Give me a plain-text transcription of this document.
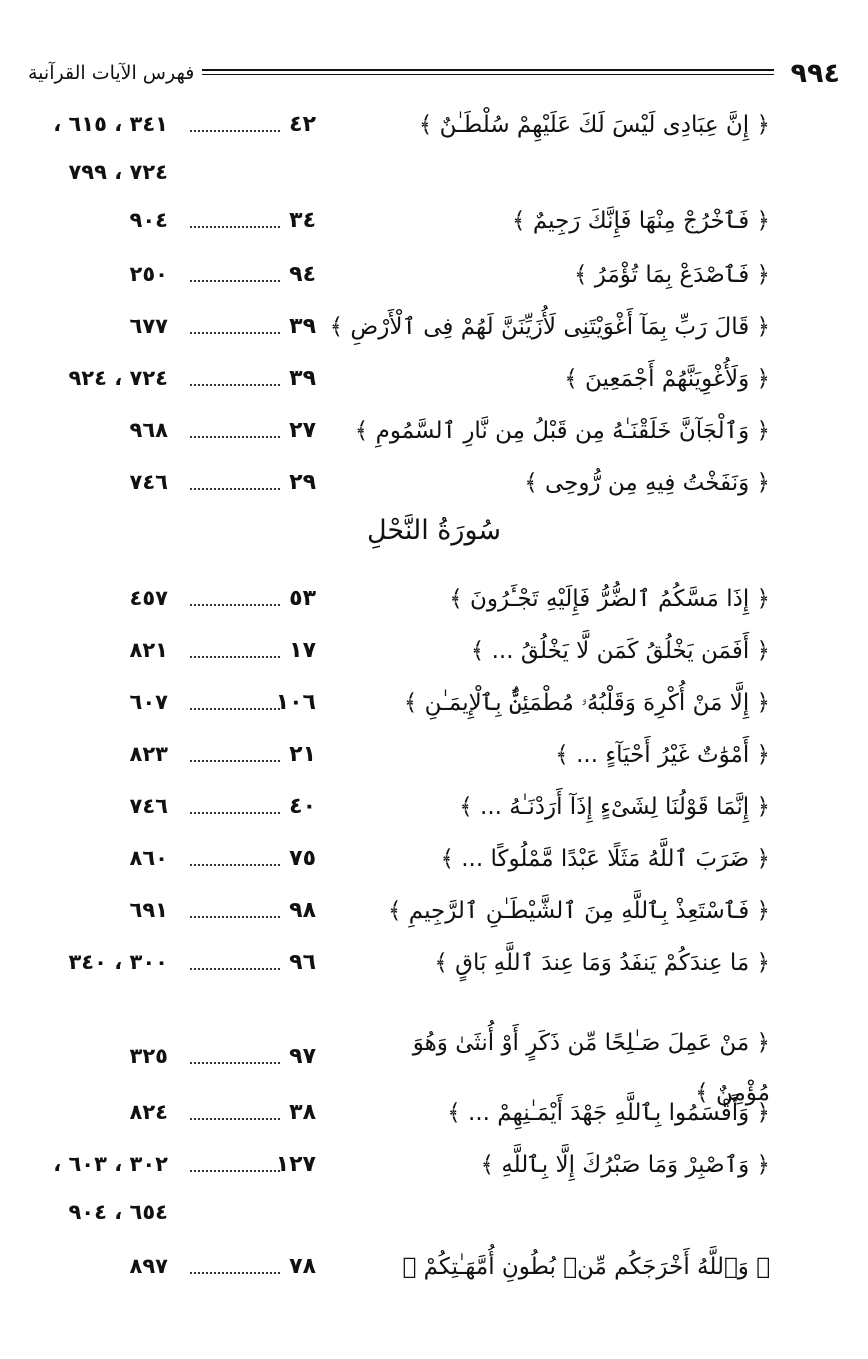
٩٩٤
فهرس الآيات القرآنية
﴿ إِنَّ عِبَادِى لَيْسَ لَكَ عَلَيْهِمْ سُلْطَـٰنٌ ﴾
٤٢
٣٤١ ، ٦١٥ ،
٧٢٤ ، ٧٩٩
﴿ فَٱخْرُجْ مِنْهَا فَإِنَّكَ رَجِيمٌ ﴾
٣٤
٩٠٤
﴿ فَٱصْدَعْ بِمَا تُؤْمَرُ ﴾
٩٤
٢٥٠
﴿ قَالَ رَبِّ بِمَآ أَغْوَيْتَنِى لَأُزَيِّنَنَّ لَهُمْ فِى ٱلْأَرْضِ ﴾
٣٩
٦٧٧
﴿ وَلَأُغْوِيَنَّهُمْ أَجْمَعِينَ ﴾
٣٩
٧٢٤ ، ٩٢٤
﴿ وَٱلْجَآنَّ خَلَقْنَـٰهُ مِن قَبْلُ مِن نَّارِ ٱلسَّمُومِ ﴾
٢٧
٩٦٨
﴿ وَنَفَخْتُ فِيهِ مِن رُّوحِى ﴾
٢٩
٧٤٦
سُورَةُ النَّحْلِ
﴿ إِذَا مَسَّكُمُ ٱلضُّرُّ فَإِلَيْهِ تَجْـَٔرُونَ ﴾
٥٣
٤٥٧
﴿ أَفَمَن يَخْلُقُ كَمَن لَّا يَخْلُقُ ... ﴾
١٧
٨٢١
﴿ إِلَّا مَنْ أُكْرِهَ وَقَلْبُهُۥ مُطْمَئِنٌّۢ بِٱلْإِيمَـٰنِ ﴾
١٠٦
٦٠٧
﴿ أَمْوَٰتٌ غَيْرُ أَحْيَآءٍ ... ﴾
٢١
٨٢٣
﴿ إِنَّمَا قَوْلُنَا لِشَىْءٍ إِذَآ أَرَدْنَـٰهُ ... ﴾
٤٠
٧٤٦
﴿ ضَرَبَ ٱللَّهُ مَثَلًا عَبْدًا مَّمْلُوكًا ... ﴾
٧٥
٨٦٠
﴿ فَٱسْتَعِذْ بِٱللَّهِ مِنَ ٱلشَّيْطَـٰنِ ٱلرَّجِيمِ ﴾
٩٨
٦٩١
﴿ مَا عِندَكُمْ يَنفَدُ وَمَا عِندَ ٱللَّهِ بَاقٍ ﴾
٩٦
٣٠٠ ، ٣٤٠
﴿ مَنْ عَمِلَ صَـٰلِحًا مِّن ذَكَرٍ أَوْ أُنثَىٰ وَهُوَ مُؤْمِنٌ ﴾
٩٧
٣٢٥
﴿ وَأَقْسَمُوا بِٱللَّهِ جَهْدَ أَيْمَـٰنِهِمْ ... ﴾
٣٨
٨٢٤
﴿ وَٱصْبِرْ وَمَا صَبْرُكَ إِلَّا بِٱللَّهِ ﴾
١٢٧
٣٠٢ ، ٦٠٣ ،
٦٥٤ ، ٩٠٤
﴿ وَٱللَّهُ أَخْرَجَكُم مِّنۢ بُطُونِ أُمَّهَـٰتِكُمْ ﴾
٧٨
٨٩٧
